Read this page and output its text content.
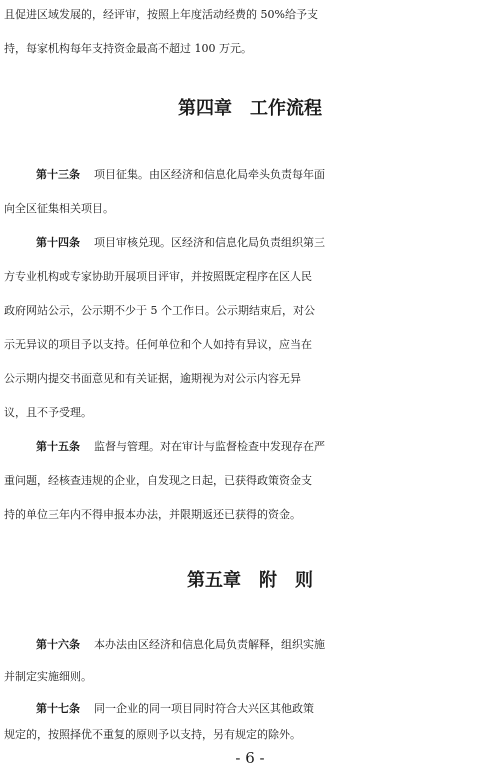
且促进区域发展的，经评审，按照上年度活动经费的 50%给予支
持，每家机构每年支持资金最高不超过 100 万元。
第四章 工作流程
第十三条 项目征集。由区经济和信息化局牵头负责每年面
向全区征集相关项目。
第十四条 项目审核兑现。区经济和信息化局负责组织第三
方专业机构或专家协助开展项目评审，并按照既定程序在区人民
政府网站公示，公示期不少于 5 个工作日。公示期结束后，对公
示无异议的项目予以支持。任何单位和个人如持有异议，应当在
公示期内提交书面意见和有关证据，逾期视为对公示内容无异
议，且不予受理。
第十五条 监督与管理。对在审计与监督检查中发现存在严
重问题，经核查违规的企业，自发现之日起，已获得政策资金支
持的单位三年内不得申报本办法，并限期返还已获得的资金。
第五章 附　则
第十六条 本办法由区经济和信息化局负责解释，组织实施
并制定实施细则。
第十七条 同一企业的同一项目同时符合大兴区其他政策
规定的，按照择优不重复的原则予以支持，另有规定的除外。
- 6 -
